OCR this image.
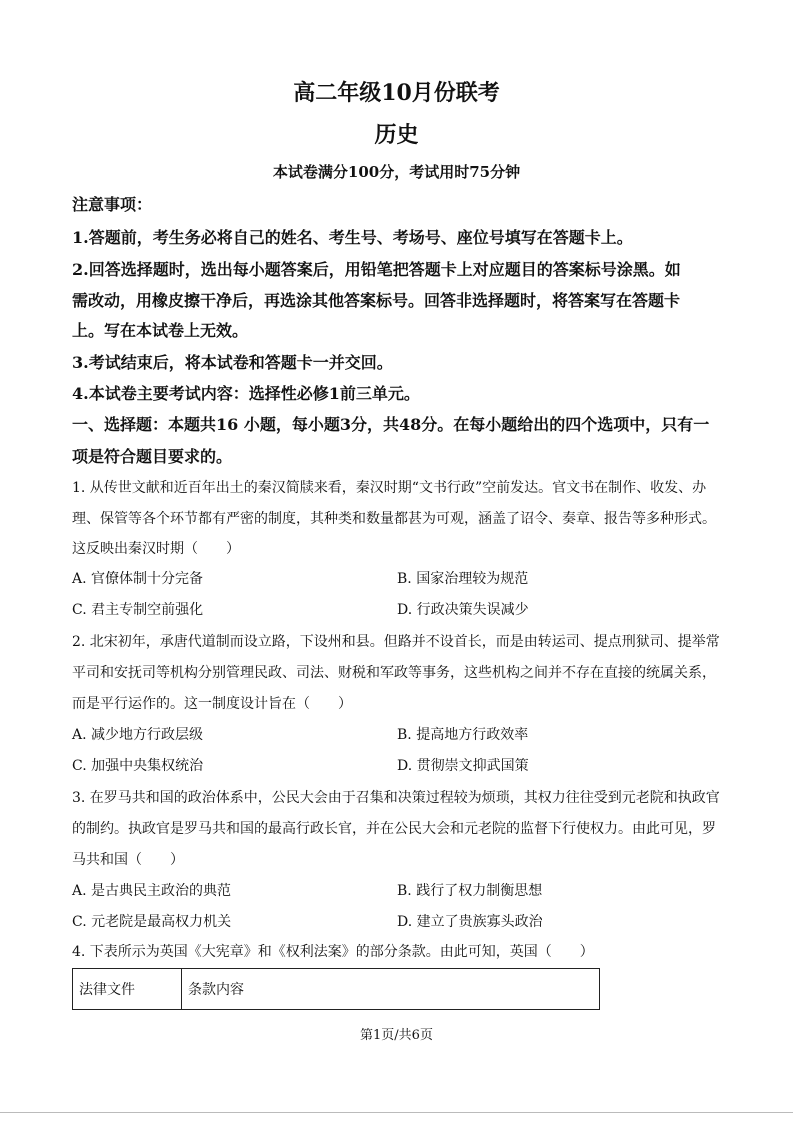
高二年级10月份联考
历史
本试卷满分100分，考试用时75分钟
注意事项：
1.答题前，考生务必将自己的姓名、考生号、考场号、座位号填写在答题卡上。
2.回答选择题时，选出每小题答案后，用铅笔把答题卡上对应题目的答案标号涂黑。如
需改动，用橡皮擦干净后，再选涂其他答案标号。回答非选择题时，将答案写在答题卡
上。写在本试卷上无效。
3.考试结束后，将本试卷和答题卡一并交回。
4.本试卷主要考试内容：选择性必修1前三单元。
一、选择题：本题共16 小题，每小题3分，共48分。在每小题给出的四个选项中，只有一
项是符合题目要求的。
1. 从传世文献和近百年出土的秦汉简牍来看，秦汉时期“文书行政”空前发达。官文书在制作、收发、办
理、保管等各个环节都有严密的制度，其种类和数量都甚为可观，涵盖了诏令、奏章、报告等多种形式。
这反映出秦汉时期（　　）
A. 官僚体制十分完备	B. 国家治理较为规范
C. 君主专制空前强化	D. 行政决策失误减少
2. 北宋初年，承唐代道制而设立路，下设州和县。但路并不设首长，而是由转运司、提点刑狱司、提举常
平司和安抚司等机构分别管理民政、司法、财税和军政等事务，这些机构之间并不存在直接的统属关系，
而是平行运作的。这一制度设计旨在（　　）
A. 减少地方行政层级	B. 提高地方行政效率
C. 加强中央集权统治	D. 贯彻崇文抑武国策
3. 在罗马共和国的政治体系中，公民大会由于召集和决策过程较为烦琐，其权力往往受到元老院和执政官
的制约。执政官是罗马共和国的最高行政长官，并在公民大会和元老院的监督下行使权力。由此可见，罗
马共和国（　　）
A. 是古典民主政治的典范	B. 践行了权力制衡思想
C. 元老院是最高权力机关	D. 建立了贵族寡头政治
4. 下表所示为英国《大宪章》和《权利法案》的部分条款。由此可知，英国（　　）
法律文件	条款内容
第1页/共6页
